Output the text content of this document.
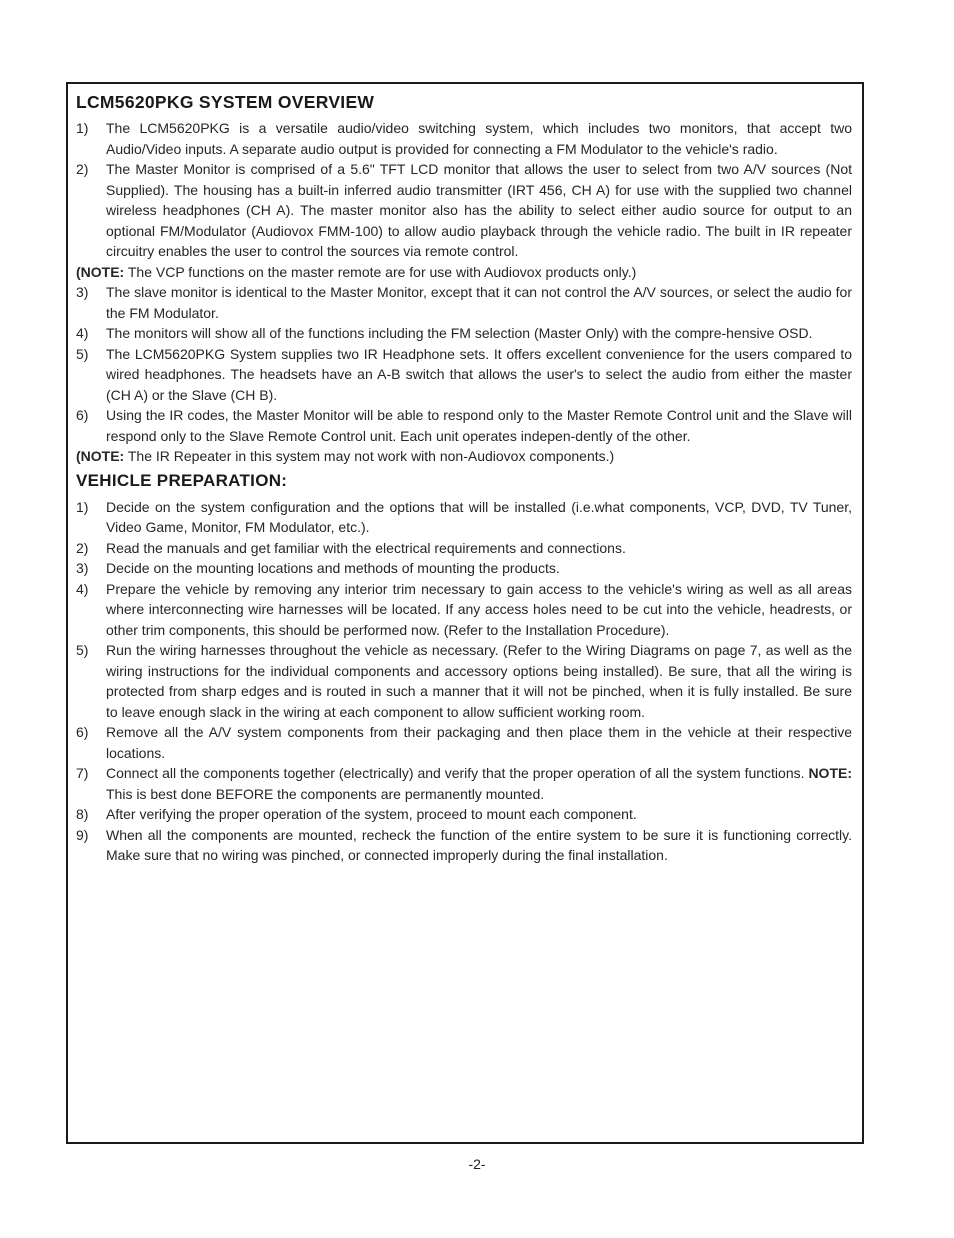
LCM5620PKG SYSTEM OVERVIEW
1)	The LCM5620PKG is a versatile audio/video switching system, which includes two monitors, that accept two Audio/Video inputs. A separate audio output is provided for connecting a FM Modulator to the vehicle's radio.
2)	The Master Monitor is comprised of a 5.6" TFT LCD monitor that allows the user to select from two A/V sources (Not Supplied). The housing has a built-in inferred audio transmitter (IRT 456, CH A) for use with the supplied two channel wireless headphones (CH A). The master monitor also has the ability to select either audio source for output to an optional FM/Modulator (Audiovox FMM-100) to allow audio playback through the vehicle radio. The built in IR repeater circuitry enables the user to control the sources via remote control.
(NOTE: The VCP functions on the master remote are for use with Audiovox products only.)
3)	The slave monitor is identical to the Master Monitor, except that it can not control the A/V sources, or select the audio for the FM Modulator.
4)	The monitors will show all of the functions including the FM selection (Master Only) with the compre-hensive OSD.
5)	The LCM5620PKG System supplies two IR Headphone sets. It offers excellent convenience for the users compared to wired headphones. The headsets have an A-B switch that allows the user's to select the audio from either the master (CH A) or the Slave (CH B).
6)	Using the IR codes, the Master Monitor will be able to respond only to the Master Remote Control unit and the Slave will respond only to the Slave Remote Control unit. Each unit operates indepen-dently of the other.
(NOTE: The IR Repeater in this system may not work with non-Audiovox components.)
VEHICLE PREPARATION:
1)	Decide on the system configuration and the options that will be installed (i.e.what components, VCP, DVD, TV Tuner, Video Game, Monitor, FM Modulator, etc.).
2)	Read the manuals and get familiar with the electrical requirements and connections.
3)	Decide on the mounting locations and methods of mounting the products.
4)	Prepare the vehicle by removing any interior trim necessary to gain access to the vehicle's wiring as well as all areas where interconnecting wire harnesses will be located. If any access holes need to be cut into the vehicle, headrests, or other trim components, this should be performed now. (Refer to the Installation Procedure).
5)	Run the wiring harnesses throughout the vehicle as necessary. (Refer to the Wiring Diagrams on page 7, as well as the wiring instructions for the individual components and accessory options being installed). Be sure, that all the wiring is protected from sharp edges and is routed in such a manner that it will not be pinched, when it is fully installed. Be sure to leave enough slack in the wiring at each component to allow sufficient working room.
6)	Remove all the A/V system components from their packaging and then place them in the vehicle at their respective locations.
7)	Connect all the components together (electrically) and verify that the proper operation of all the system functions. NOTE: This is best done BEFORE the components are permanently mounted.
8)	After verifying the proper operation of the system, proceed to mount each component.
9)	When all the components are mounted, recheck the function of the entire system to be sure it is functioning correctly. Make sure that no wiring was pinched, or connected improperly during the final installation.
-2-
